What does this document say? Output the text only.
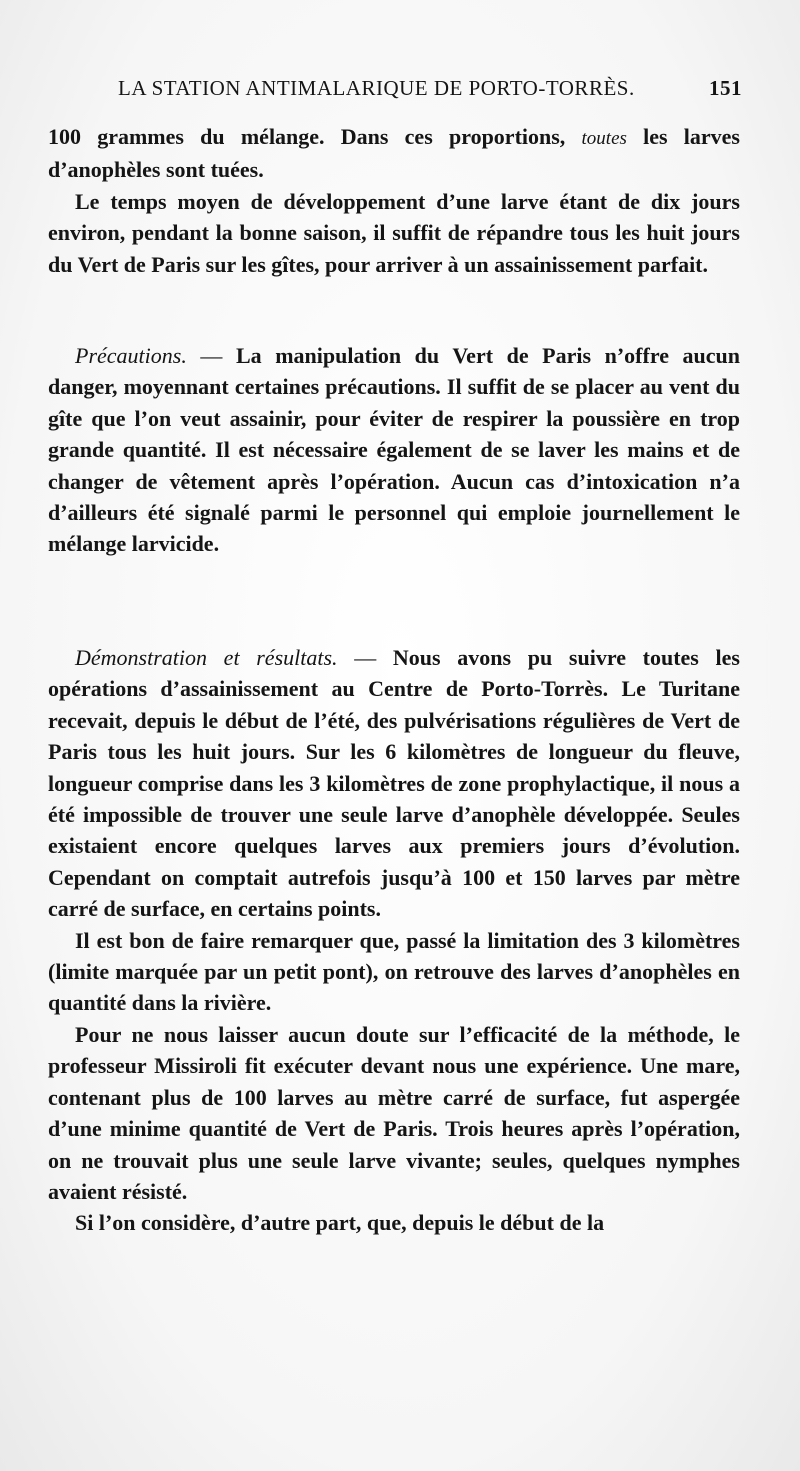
LA STATION ANTIMALARIQUE DE PORTO-TORRÈS.	151

100 grammes du mélange. Dans ces proportions, toutes les larves d’anophèles sont tuées.

Le temps moyen de développement d’une larve étant de dix jours environ, pendant la bonne saison, il suffit de répandre tous les huit jours du Vert de Paris sur les gîtes, pour arriver à un assainissement parfait.

Précautions. — La manipulation du Vert de Paris n’offre aucun danger, moyennant certaines précautions. Il suffit de se placer au vent du gîte que l’on veut assainir, pour éviter de respirer la poussière en trop grande quantité. Il est nécessaire également de se laver les mains et de changer de vêtement après l’opération. Aucun cas d’intoxication n’a d’ailleurs été signalé parmi le personnel qui emploie journellement le mélange larvicide.

Démonstration et résultats. — Nous avons pu suivre toutes les opérations d’assainissement au Centre de Porto-Torrès. Le Turitane recevait, depuis le début de l’été, des pulvérisations régulières de Vert de Paris tous les huit jours. Sur les 6 kilomètres de longueur du fleuve, longueur comprise dans les 3 kilomètres de zone prophylactique, il nous a été impossible de trouver une seule larve d’anophèle développée. Seules existaient encore quelques larves aux premiers jours d’évolution. Cependant on comptait autrefois jusqu’à 100 et 150 larves par mètre carré de surface, en certains points.

Il est bon de faire remarquer que, passé la limitation des 3 kilomètres (limite marquée par un petit pont), on retrouve des larves d’anophèles en quantité dans la rivière.

Pour ne nous laisser aucun doute sur l’efficacité de la méthode, le professeur Missiroli fit exécuter devant nous une expérience. Une mare, contenant plus de 100 larves au mètre carré de surface, fut aspergée d’une minime quantité de Vert de Paris. Trois heures après l’opération, on ne trouvait plus une seule larve vivante; seules, quelques nymphes avaient résisté.

Si l’on considère, d’autre part, que, depuis le début de la
